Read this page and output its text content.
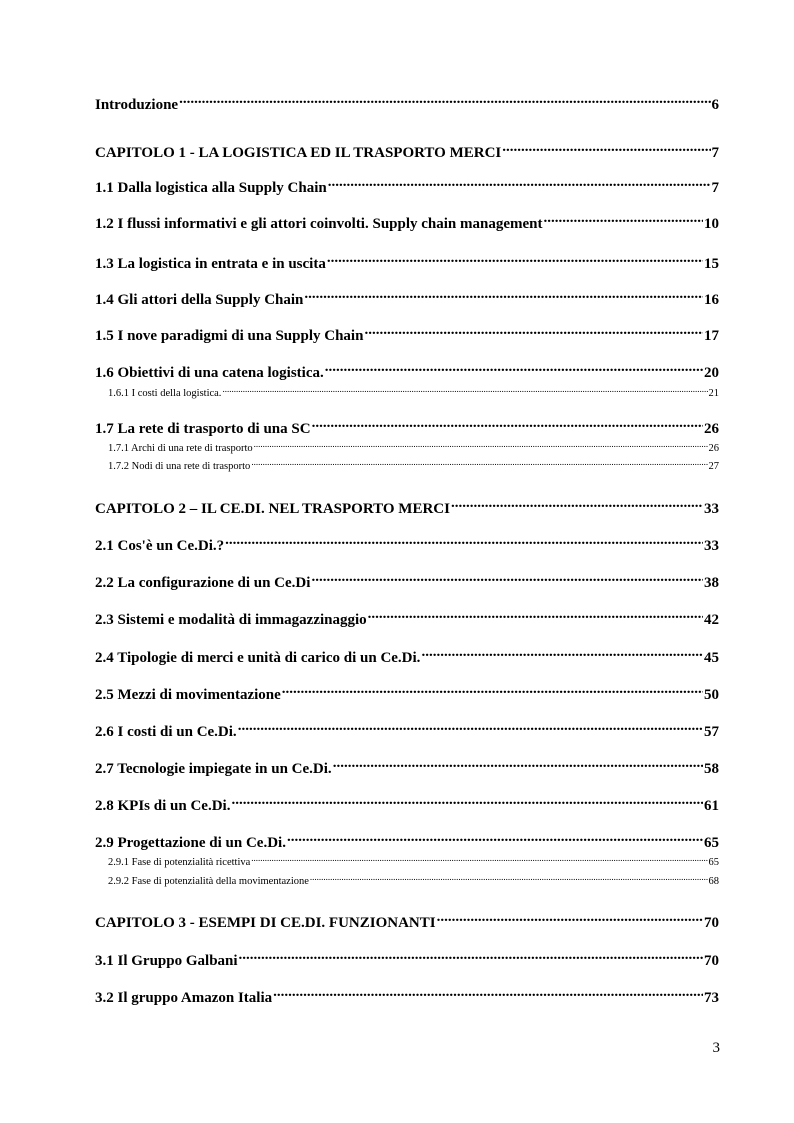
Introduzione .....	6
CAPITOLO 1 - LA LOGISTICA ED IL TRASPORTO MERCI .....	7
1.1 Dalla logistica alla Supply Chain .....	7
1.2 I flussi informativi e gli attori coinvolti. Supply chain management .....	10
1.3 La logistica in entrata e in uscita .....	15
1.4 Gli attori della Supply Chain .....	16
1.5 I nove paradigmi di una Supply Chain .....	17
1.6 Obiettivi di una catena logistica. .....	20
1.6.1 I costi della logistica. .....	21
1.7 La rete di trasporto di una SC .....	26
1.7.1 Archi di una rete di trasporto .....	26
1.7.2 Nodi di una rete di trasporto .....	27
CAPITOLO 2 – IL CE.DI. NEL TRASPORTO MERCI .....	33
2.1 Cos'è un Ce.Di.? .....	33
2.2 La configurazione di un Ce.Di .....	38
2.3 Sistemi e modalità di immagazzinaggio .....	42
2.4 Tipologie di merci e unità di carico di un Ce.Di. .....	45
2.5 Mezzi di movimentazione .....	50
2.6 I costi di un Ce.Di. .....	57
2.7 Tecnologie impiegate in un Ce.Di. .....	58
2.8 KPIs di un Ce.Di. .....	61
2.9 Progettazione di un Ce.Di. .....	65
2.9.1 Fase di potenzialità ricettiva .....	65
2.9.2 Fase di potenzialità della movimentazione .....	68
CAPITOLO 3 - ESEMPI DI CE.DI. FUNZIONANTI .....	70
3.1 Il Gruppo Galbani .....	70
3.2 Il gruppo Amazon Italia .....	73
3
